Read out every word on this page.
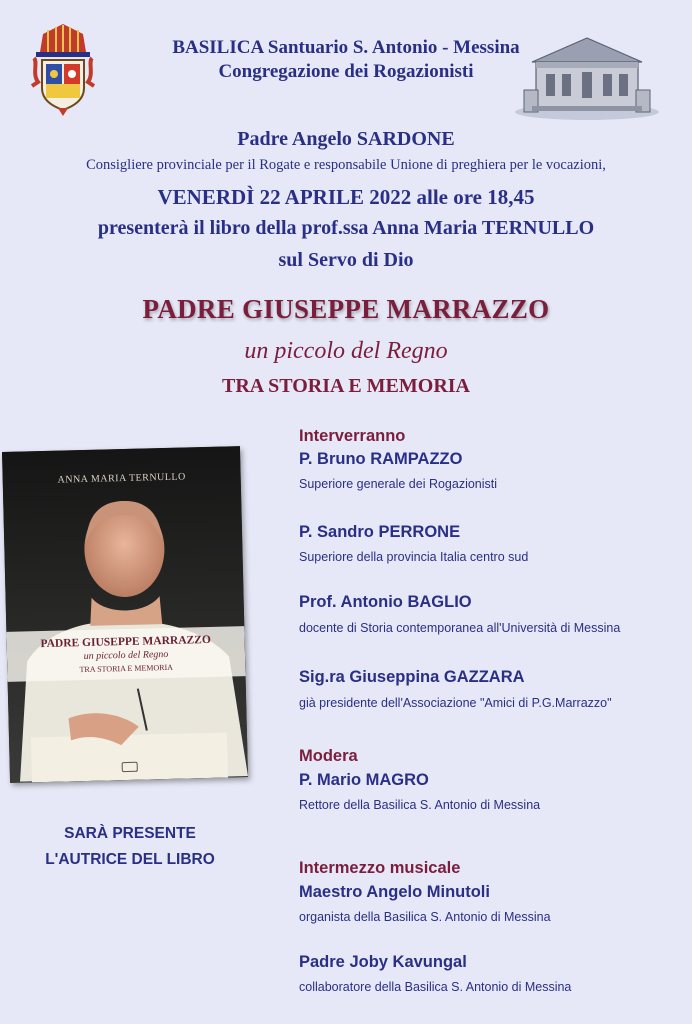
BASILICA Santuario S. Antonio - Messina
Congregazione dei Rogazionisti
Padre Angelo SARDONE
Consigliere provinciale per il Rogate e responsabile Unione di preghiera per le vocazioni,
VENERDÌ 22 APRILE 2022 alle ore 18,45
presenterà il libro della prof.ssa Anna Maria TERNULLO
sul Servo di Dio
PADRE GIUSEPPE MARRAZZO
un piccolo del Regno
TRA STORIA E MEMORIA
ANNA MARIA TERNULLO
PADRE GIUSEPPE MARRAZZO
un piccolo del Regno
TRA STORIA E MEMORIA
Interverranno
P. Bruno RAMPAZZO
Superiore generale dei Rogazionisti
P. Sandro PERRONE
Superiore della provincia Italia centro sud
Prof. Antonio BAGLIO
docente di Storia contemporanea all'Università di Messina
Sig.ra Giuseppina GAZZARA
già presidente dell'Associazione "Amici di P.G.Marrazzo"
Modera
P. Mario MAGRO
Rettore della Basilica S. Antonio di Messina
Intermezzo musicale
Maestro Angelo Minutoli
organista della Basilica S. Antonio di Messina
Padre Joby Kavungal
collaboratore della Basilica S. Antonio di Messina
SARÀ PRESENTE
L'AUTRICE DEL LIBRO
